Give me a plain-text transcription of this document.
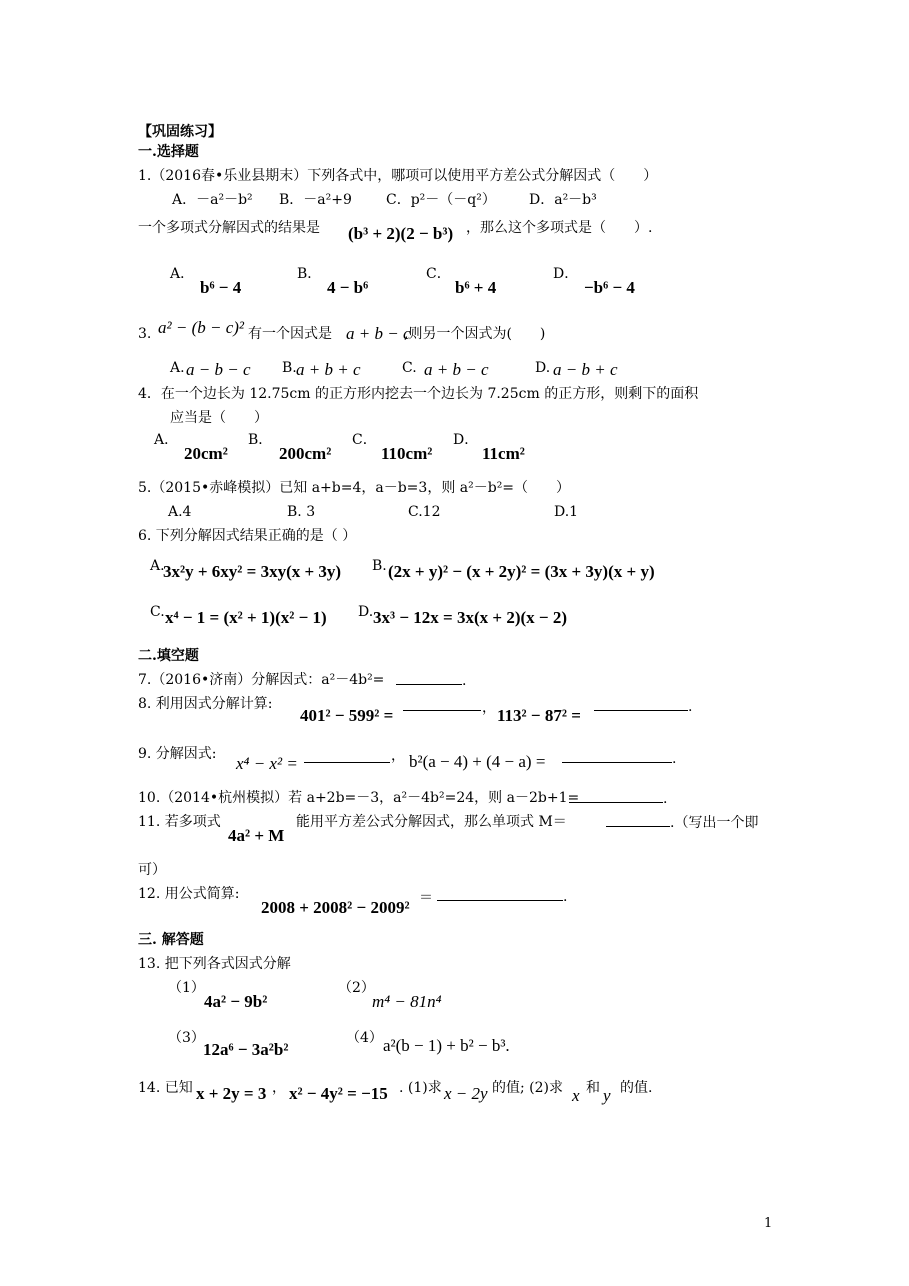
【巩固练习】
一.选择题
1.（2016春•乐业县期末）下列各式中，哪项可以使用平方差公式分解因式（　　）
A．－a²－b² B．－a²+9 C．p²－（－q²） D．a²－b³
一个多项式分解因式的结果是 (b³ + 2)(2 − b³) ，那么这个多项式是（　　）.
A．
b⁶ − 4
B．
4 − b⁶
C．
b⁶ + 4
D．
−b⁶ − 4
3. a² − (b − c)² 有一个因式是 a + b − c
,则另一个因式为(　　)
A. a − b − c B. a + b + c	C. a + b − c	D. a − b + c
4．在一个边长为 12.75cm 的正方形内挖去一个边长为 7.25cm 的正方形，则剩下的面积
应当是（　　）
A．
20cm²
B．
200cm²
C．
110cm²
D．
11cm²
5.（2015•赤峰模拟）已知 a+b=4，a－b=3，则 a²－b²=（　　）
A.4	B. 3	C.12	D.1
6. 下列分解因式结果正确的是（ ）
A.
3x²y + 6xy² = 3xy(x + 3y) B. (2x + y)² − (x + 2y)² = (3x + 3y)(x + y)
C. x⁴ − 1 = (x² + 1)(x² − 1) D. 3x³ − 12x = 3x(x + 2)(x − 2)
二.填空题
7.（2016•济南）分解因式：a²－4b²=	.
8. 利用因式分解计算:
401² − 599² =	， 113² − 87² =	.
9. 分解因式: x⁴ − x² =	， b²(a − 4) + (4 − a) =	.
10.（2014•杭州模拟）若 a+2b=－3，a²－4b²=24，则 a－2b+1=	.
11. 若多项式
4a² + M
能用平方差公式分解因式，那么单项式 M＝	.（写出一个即
可）
12. 用公式简算:
2008 + 2008² − 2009² ＝	.
三. 解答题
13. 把下列各式因式分解
（1）
4a² − 9b²
（2）
m⁴ − 81n⁴
（3）
12a⁶ − 3a²b²
（4） a²(b − 1) + b² − b³.
14. 已知 x + 2y = 3 ， x² − 4y² = −15 . (1)求 x − 2y 的值; (2)求 x 和 y 的值.
1
